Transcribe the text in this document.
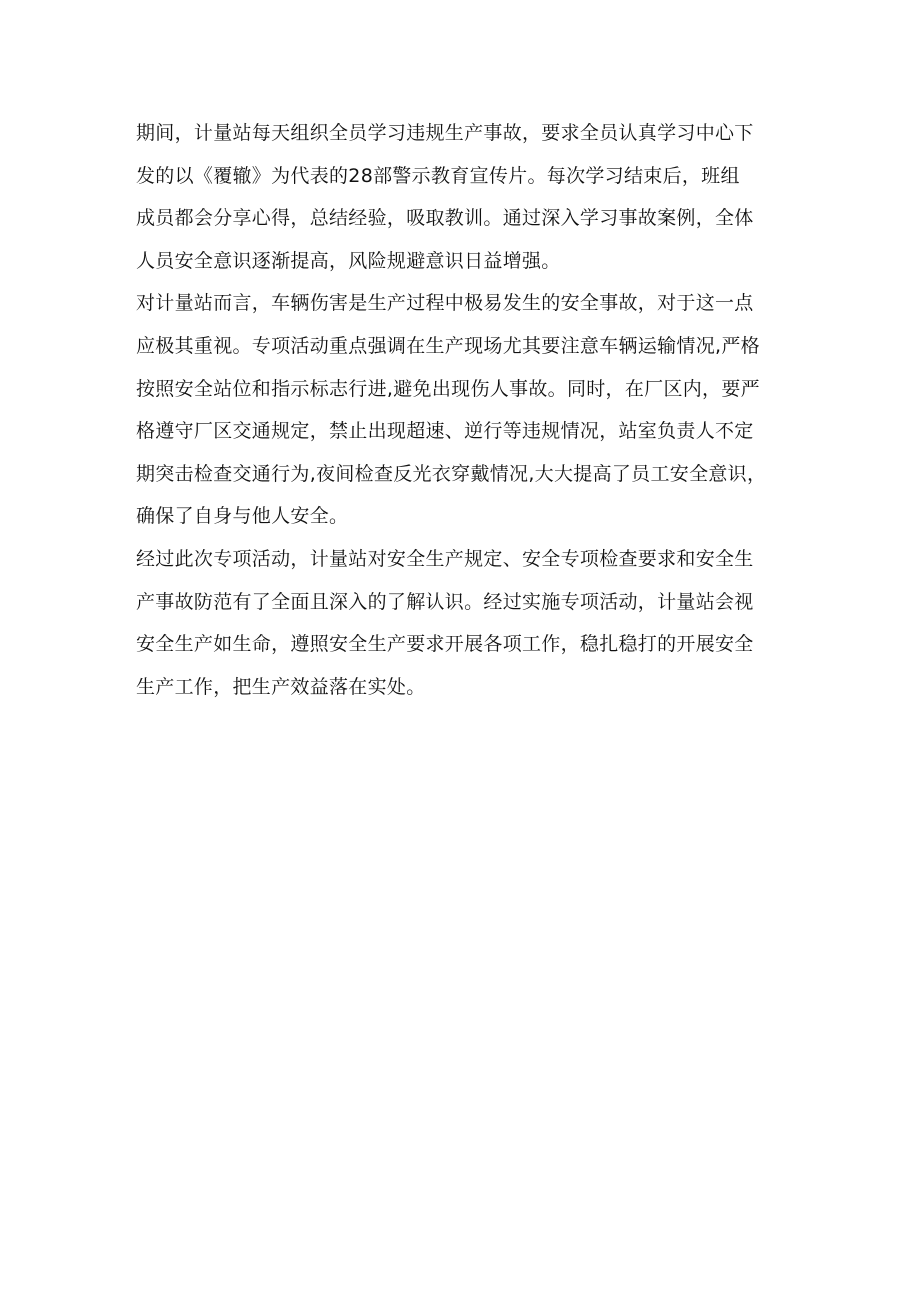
期间，计量站每天组织全员学习违规生产事故，要求全员认真学习中心下
发的以《覆辙》为代表的28部警示教育宣传片。每次学习结束后，班组
成员都会分享心得，总结经验，吸取教训。通过深入学习事故案例，全体
人员安全意识逐渐提高，风险规避意识日益增强。

对计量站而言，车辆伤害是生产过程中极易发生的安全事故，对于这一点
应极其重视。专项活动重点强调在生产现场尤其要注意车辆运输情况,严格
按照安全站位和指示标志行进,避免出现伤人事故。同时，在厂区内，要严
格遵守厂区交通规定，禁止出现超速、逆行等违规情况，站室负责人不定
期突击检查交通行为,夜间检查反光衣穿戴情况,大大提高了员工安全意识，
确保了自身与他人安全。

经过此次专项活动，计量站对安全生产规定、安全专项检查要求和安全生
产事故防范有了全面且深入的了解认识。经过实施专项活动，计量站会视
安全生产如生命，遵照安全生产要求开展各项工作，稳扎稳打的开展安全
生产工作，把生产效益落在实处。
